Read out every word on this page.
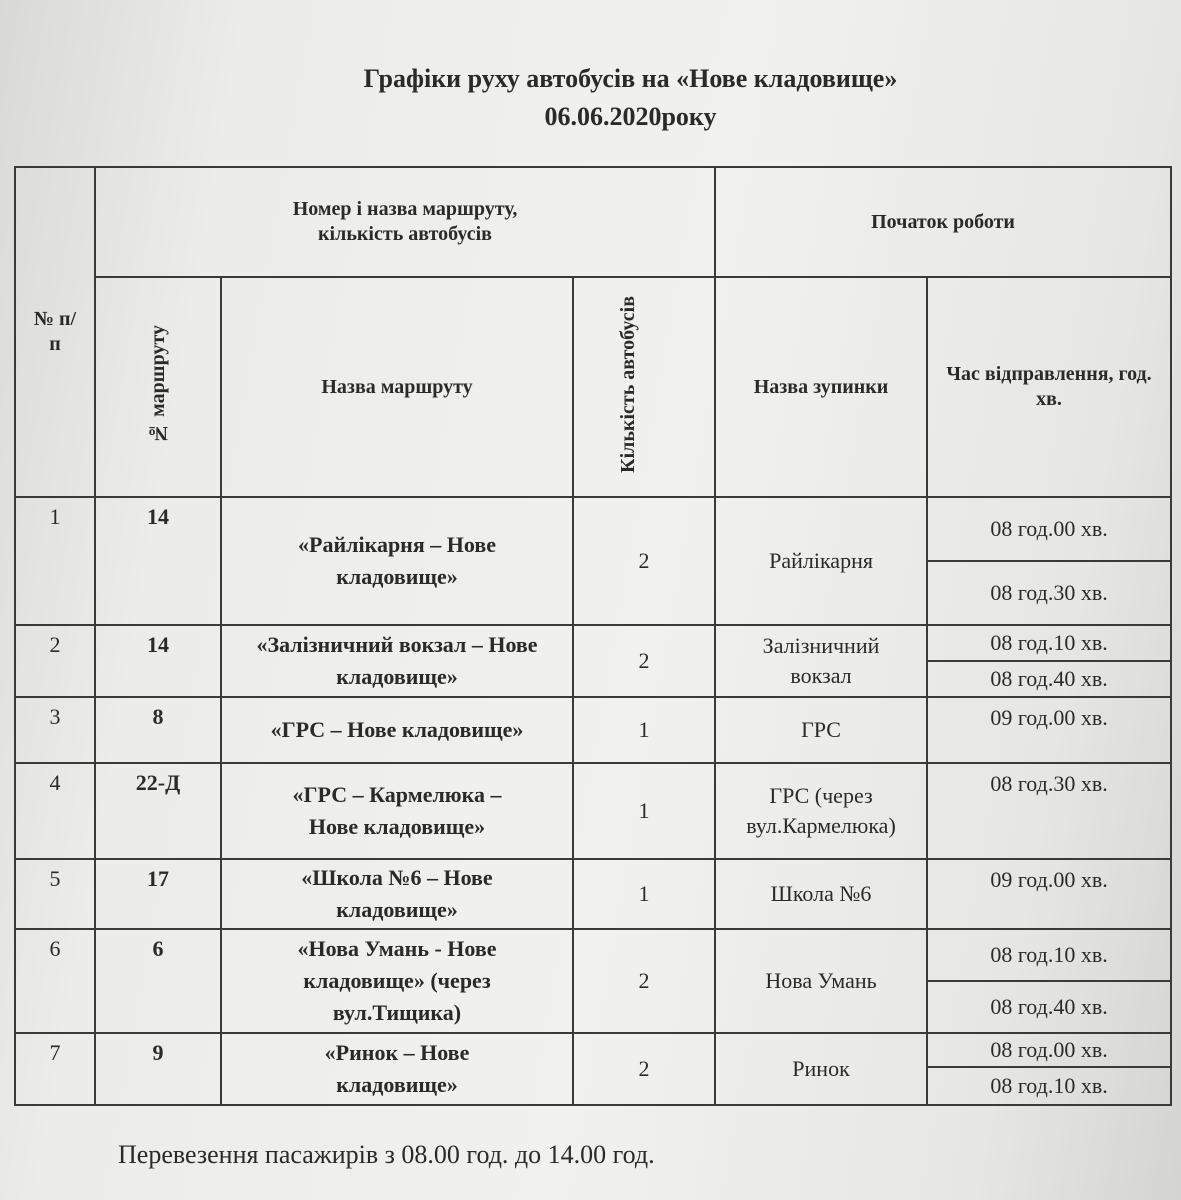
Графіки руху автобусів на «Нове кладовище»
06.06.2020року
№ п/п	Номер і назва маршруту, кількість автобусів			Початок роботи	
	№ маршруту	Назва маршруту	Кількість автобусів	Назва зупинки	Час відправлення, год. хв.

1	14	«Райлікарня – Нове кладовище»	2	Райлікарня	08 год.00 хв.
					08 год.30 хв.
2	14	«Залізничний вокзал – Нове кладовище»	2	Залізничний вокзал	08 год.10 хв.
					08 год.40 хв.
3	8	«ГРС – Нове кладовище»	1	ГРС	09 год.00 хв.
4	22-Д	«ГРС – Кармелюка – Нове кладовище»	1	ГРС (через вул.Кармелюка)	08 год.30 хв.
5	17	«Школа №6 – Нове кладовище»	1	Школа №6	09 год.00 хв.
6	6	«Нова Умань - Нове кладовище» (через вул.Тищика)	2	Нова Умань	08 год.10 хв.
					08 год.40 хв.
7	9	«Ринок – Нове кладовище»	2	Ринок	08 год.00 хв.
					08 год.10 хв.
Перевезення пасажирів з 08.00 год. до 14.00 год.
